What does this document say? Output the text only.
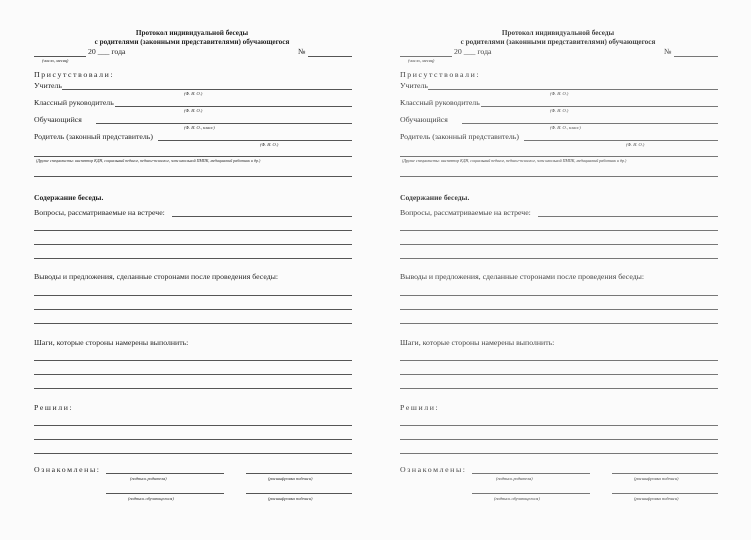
Протокол индивидуальной беседы
с родителями (законными представителями) обучающегося
20 ___ года	№
(число, месяц)
Присутствовали:
Учитель
(Ф. И. О.)
Классный руководитель
(Ф. И. О.)
Обучающийся
(Ф. И. О., класс)
Родитель (законный представитель)
(Ф. И. О.)
(Другие специалисты: инспектор КДН, социальный педагог, педагог-психолог, член школьной ПМПК, медицинский работник и др.)
Содержание беседы.
Вопросы, рассматриваемые на встрече:
Выводы и предложения, сделанные сторонами после проведения беседы:
Шаги, которые стороны намерены выполнить:
Решили:
Ознакомлены:
(подпись родителя)	(расшифровка подписи)
(подпись обучающегося)	(расшифровка подписи)
Протокол индивидуальной беседы
с родителями (законными представителями) обучающегося
20 ___ года	№
(число, месяц)
Присутствовали:
Учитель
(Ф. И. О.)
Классный руководитель
(Ф. И. О.)
Обучающийся
(Ф. И. О., класс)
Родитель (законный представитель)
(Ф. И. О.)
(Другие специалисты: инспектор КДН, социальный педагог, педагог-психолог, член школьной ПМПК, медицинский работник и др.)
Содержание беседы.
Вопросы, рассматриваемые на встрече:
Выводы и предложения, сделанные сторонами после проведения беседы:
Шаги, которые стороны намерены выполнить:
Решили:
Ознакомлены:
(подпись родителя)	(расшифровка подписи)
(подпись обучающегося)	(расшифровка подписи)
